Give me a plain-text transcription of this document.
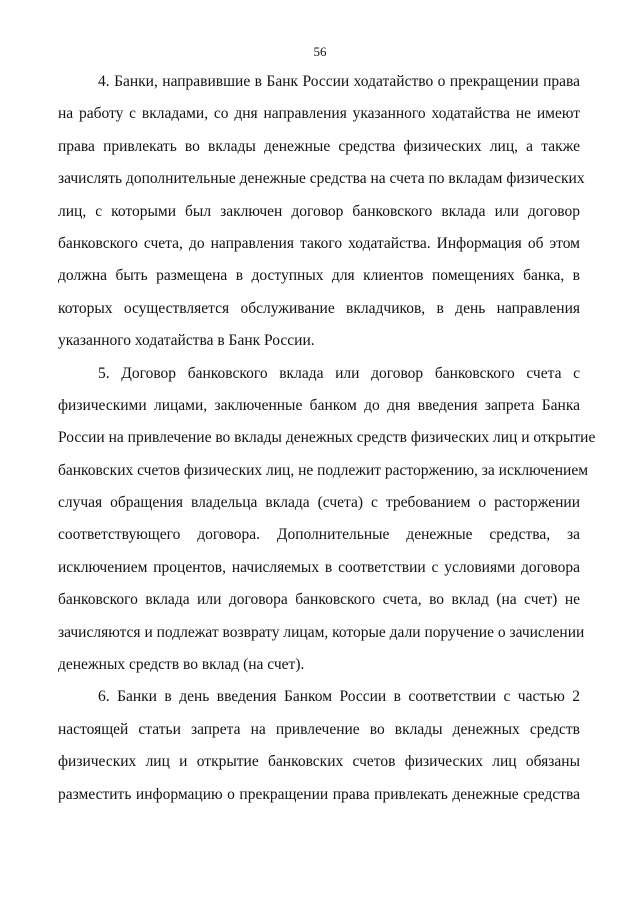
56
4. Банки, направившие в Банк России ходатайство о прекращении права
на работу с вкладами, со дня направления указанного ходатайства не имеют
права привлекать во вклады денежные средства физических лиц, а также
зачислять дополнительные денежные средства на счета по вкладам физических
лиц, с которыми был заключен договор банковского вклада или договор
банковского счета, до направления такого ходатайства. Информация об этом
должна быть размещена в доступных для клиентов помещениях банка, в
которых осуществляется обслуживание вкладчиков, в день направления
указанного ходатайства в Банк России.
5. Договор банковского вклада или договор банковского счета с
физическими лицами, заключенные банком до дня введения запрета Банка
России на привлечение во вклады денежных средств физических лиц и открытие
банковских счетов физических лиц, не подлежит расторжению, за исключением
случая обращения владельца вклада (счета) с требованием о расторжении
соответствующего договора. Дополнительные денежные средства, за
исключением процентов, начисляемых в соответствии с условиями договора
банковского вклада или договора банковского счета, во вклад (на счет) не
зачисляются и подлежат возврату лицам, которые дали поручение о зачислении
денежных средств во вклад (на счет).
6. Банки в день введения Банком России в соответствии с частью 2
настоящей статьи запрета на привлечение во вклады денежных средств
физических лиц и открытие банковских счетов физических лиц обязаны
разместить информацию о прекращении права привлекать денежные средства
